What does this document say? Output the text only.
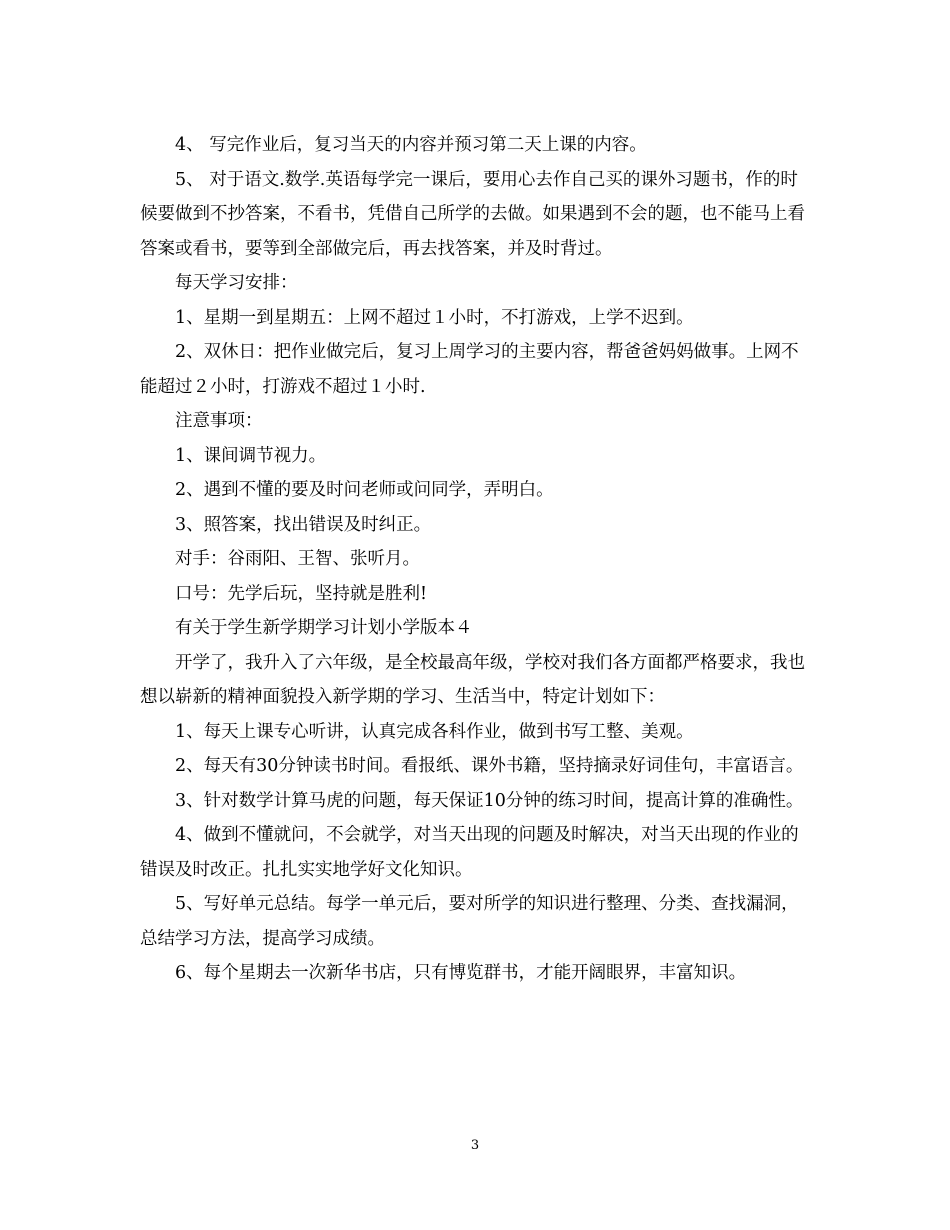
4、 写完作业后，复习当天的内容并预习第二天上课的内容。

5、 对于语文.数学.英语每学完一课后，要用心去作自己买的课外习题书，作的时候要做到不抄答案，不看书，凭借自己所学的去做。如果遇到不会的题，也不能马上看答案或看书，要等到全部做完后，再去找答案，并及时背过。

每天学习安排：

1、星期一到星期五：上网不超过１小时，不打游戏，上学不迟到。

2、双休日：把作业做完后，复习上周学习的主要内容，帮爸爸妈妈做事。上网不能超过２小时，打游戏不超过１小时.

注意事项：

1、课间调节视力。

2、遇到不懂的要及时问老师或问同学，弄明白。

3、照答案，找出错误及时纠正。

对手：谷雨阳、王智、张听月。

口号：先学后玩，坚持就是胜利!

有关于学生新学期学习计划小学版本４

开学了，我升入了六年级，是全校最高年级，学校对我们各方面都严格要求，我也想以崭新的精神面貌投入新学期的学习、生活当中，特定计划如下：

1、每天上课专心听讲，认真完成各科作业，做到书写工整、美观。

2、每天有30分钟读书时间。看报纸、课外书籍，坚持摘录好词佳句，丰富语言。

3、针对数学计算马虎的问题，每天保证10分钟的练习时间，提高计算的准确性。

4、做到不懂就问，不会就学，对当天出现的问题及时解决，对当天出现的作业的错误及时改正。扎扎实实地学好文化知识。

5、写好单元总结。每学一单元后，要对所学的知识进行整理、分类、查找漏洞，总结学习方法，提高学习成绩。

6、每个星期去一次新华书店，只有博览群书，才能开阔眼界，丰富知识。

3
